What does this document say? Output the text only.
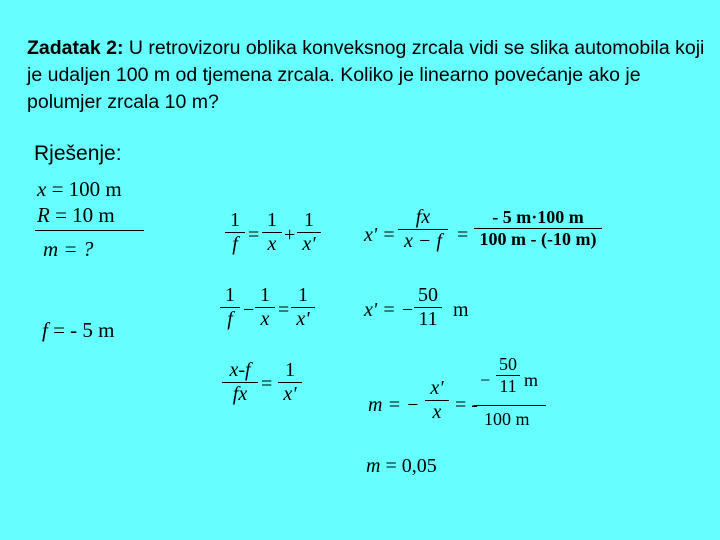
Zadatak 2: U retrovizoru oblika konveksnog zrcala vidi se slika automobila koji je udaljen 100 m od tjemena zrcala. Koliko je linearno povećanje ako je polumjer zrcala 10 m?
Rješenje:
x = 100 m
R = 10 m
m = ?
f = - 5 m
1
f =
1
x +
1
x'
1
f −
1
x =
1
x'
x-f
fx =
1
x'
x' =
fx
x − f =
- 5 m·100 m
100 m - (-10 m)
x' = −
50
11 m
m = −
x'
x = -
−
50
11 m
100 m
m = 0,05
